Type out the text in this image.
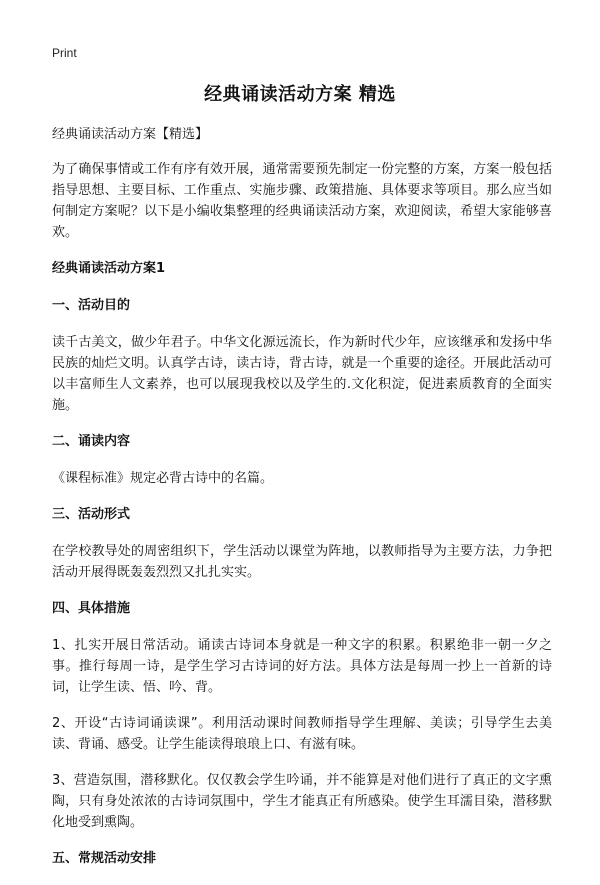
Print
经典诵读活动方案 精选

经典诵读活动方案【精选】

为了确保事情或工作有序有效开展，通常需要预先制定一份完整的方案，方案一般包括指导思想、主要目标、工作重点、实施步骤、政策措施、具体要求等项目。那么应当如何制定方案呢？以下是小编收集整理的经典诵读活动方案，欢迎阅读，希望大家能够喜欢。

经典诵读活动方案1

一、活动目的

读千古美文，做少年君子。中华文化源远流长，作为新时代少年，应该继承和发扬中华民族的灿烂文明。认真学古诗，读古诗，背古诗，就是一个重要的途径。开展此活动可以丰富师生人文素养，也可以展现我校以及学生的.文化积淀，促进素质教育的全面实施。

二、诵读内容

《课程标准》规定必背古诗中的名篇。

三、活动形式

在学校教导处的周密组织下，学生活动以课堂为阵地，以教师指导为主要方法，力争把活动开展得既轰轰烈烈又扎扎实实。

四、具体措施

1、扎实开展日常活动。诵读古诗词本身就是一种文字的积累。积累绝非一朝一夕之事。推行每周一诗，是学生学习古诗词的好方法。具体方法是每周一抄上一首新的诗词，让学生读、悟、吟、背。

2、开设“古诗词诵读课”。利用活动课时间教师指导学生理解、美读；引导学生去美读、背诵、感受。让学生能读得琅琅上口、有滋有味。

3、营造氛围，潜移默化。仅仅教会学生吟诵，并不能算是对他们进行了真正的文字熏陶，只有身处浓浓的古诗词氛围中，学生才能真正有所感染。使学生耳濡目染，潜移默化地受到熏陶。

五、常规活动安排
